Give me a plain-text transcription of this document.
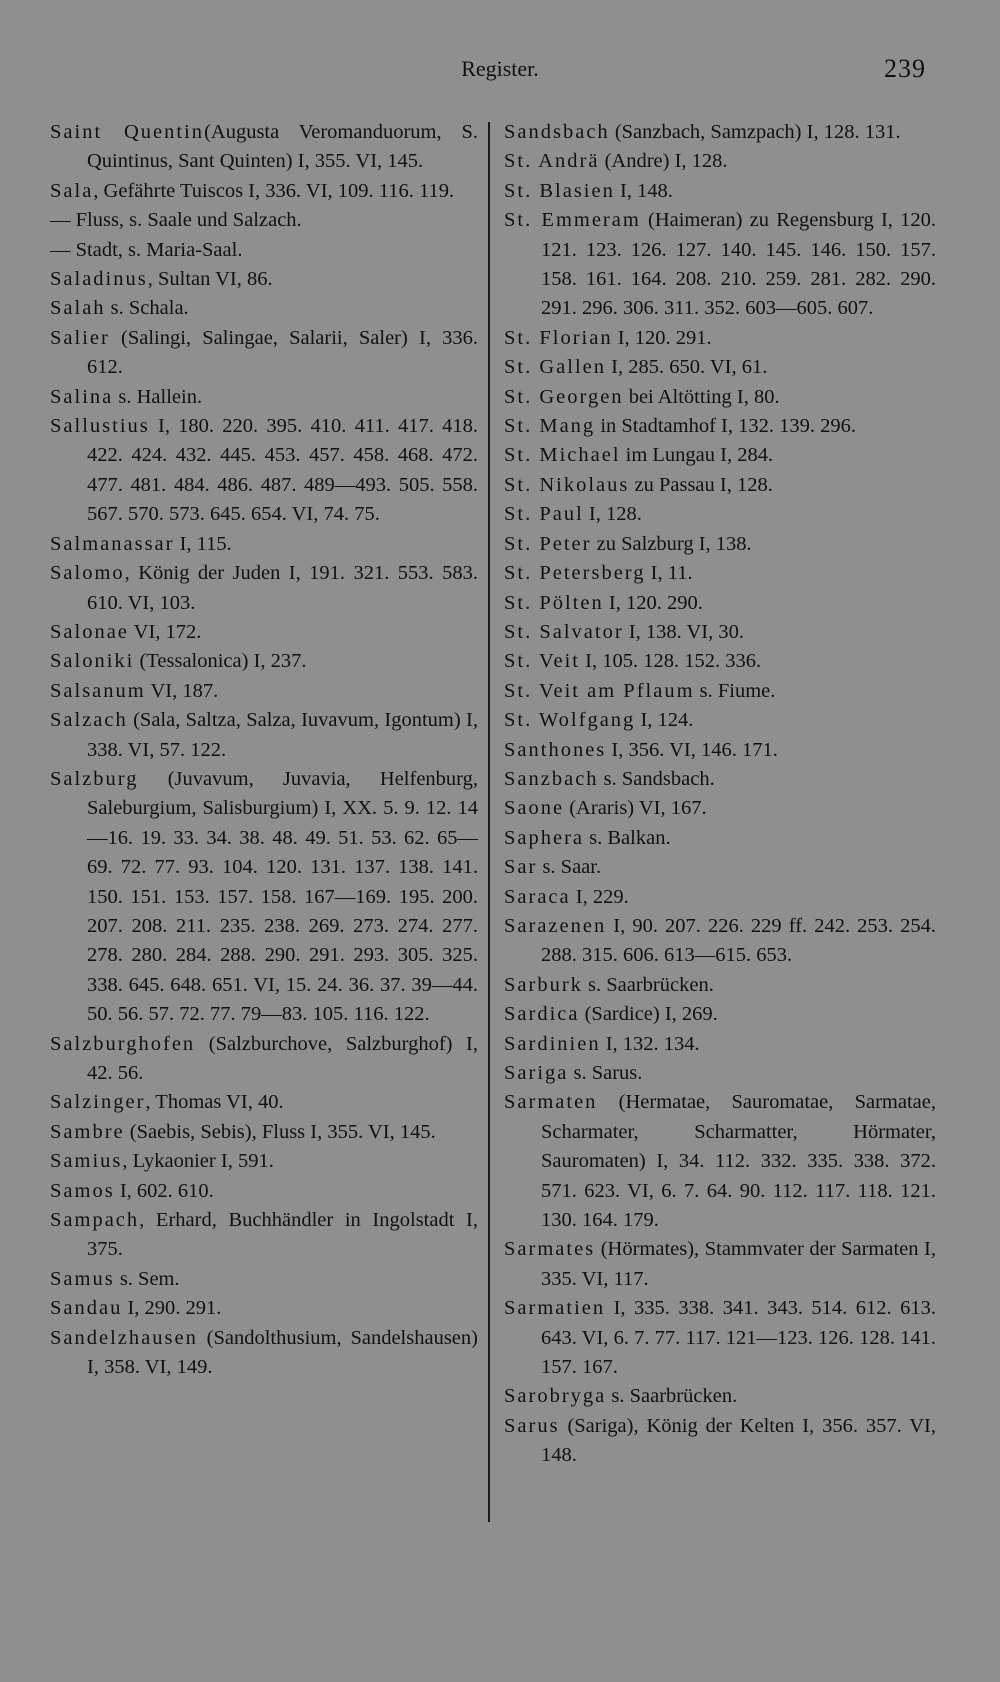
Register.	239
Saint Quentin(Augusta Veromanduorum, S. Quintinus, Sant Quinten) I, 355. VI, 145.
Sala, Gefährte Tuiscos I, 336. VI, 109. 116. 119.
— Fluss, s. Saale und Salzach.
— Stadt, s. Maria-Saal.
Saladinus, Sultan VI, 86.
Salah s. Schala.
Salier (Salingi, Salingae, Salarii, Saler) I, 336. 612.
Salina s. Hallein.
Sallustius I, 180. 220. 395. 410. 411. 417. 418. 422. 424. 432. 445. 453. 457. 458. 468. 472. 477. 481. 484. 486. 487. 489—493. 505. 558. 567. 570. 573. 645. 654. VI, 74. 75.
Salmanassar I, 115.
Salomo, König der Juden I, 191. 321. 553. 583. 610. VI, 103.
Salonae VI, 172.
Saloniki (Tessalonica) I, 237.
Salsanum VI, 187.
Salzach (Sala, Saltza, Salza, Iuvavum, Igontum) I, 338. VI, 57. 122.
Salzburg (Juvavum, Juvavia, Helfenburg, Saleburgium, Salisburgium) I, XX. 5. 9. 12. 14—16. 19. 33. 34. 38. 48. 49. 51. 53. 62. 65—69. 72. 77. 93. 104. 120. 131. 137. 138. 141. 150. 151. 153. 157. 158. 167—169. 195. 200. 207. 208. 211. 235. 238. 269. 273. 274. 277. 278. 280. 284. 288. 290. 291. 293. 305. 325. 338. 645. 648. 651. VI, 15. 24. 36. 37. 39—44. 50. 56. 57. 72. 77. 79—83. 105. 116. 122.
Salzburghofen (Salzburchove, Salzburghof) I, 42. 56.
Salzinger, Thomas VI, 40.
Sambre (Saebis, Sebis), Fluss I, 355. VI, 145.
Samius, Lykaonier I, 591.
Samos I, 602. 610.
Sampach, Erhard, Buchhändler in Ingolstadt I, 375.
Samus s. Sem.
Sandau I, 290. 291.
Sandelzhausen (Sandolthusium, Sandelshausen) I, 358. VI, 149.
Sandsbach (Sanzbach, Samzpach) I, 128. 131.
St. Andrä (Andre) I, 128.
St. Blasien I, 148.
St. Emmeram (Haimeran) zu Regensburg I, 120. 121. 123. 126. 127. 140. 145. 146. 150. 157. 158. 161. 164. 208. 210. 259. 281. 282. 290. 291. 296. 306. 311. 352. 603—605. 607.
St. Florian I, 120. 291.
St. Gallen I, 285. 650. VI, 61.
St. Georgen bei Altötting I, 80.
St. Mang in Stadtamhof I, 132. 139. 296.
St. Michael im Lungau I, 284.
St. Nikolaus zu Passau I, 128.
St. Paul I, 128.
St. Peter zu Salzburg I, 138.
St. Petersberg I, 11.
St. Pölten I, 120. 290.
St. Salvator I, 138. VI, 30.
St. Veit I, 105. 128. 152. 336.
St. Veit am Pflaum s. Fiume.
St. Wolfgang I, 124.
Santhones I, 356. VI, 146. 171.
Sanzbach s. Sandsbach.
Saone (Araris) VI, 167.
Saphera s. Balkan.
Sar s. Saar.
Saraca I, 229.
Sarazenen I, 90. 207. 226. 229 ff. 242. 253. 254. 288. 315. 606. 613—615. 653.
Sarburk s. Saarbrücken.
Sardica (Sardice) I, 269.
Sardinien I, 132. 134.
Sariga s. Sarus.
Sarmaten (Hermatae, Sauromatae, Sarmatae, Scharmater, Scharmatter, Hörmater, Sauromaten) I, 34. 112. 332. 335. 338. 372. 571. 623. VI, 6. 7. 64. 90. 112. 117. 118. 121. 130. 164. 179.
Sarmates (Hörmates), Stammvater der Sarmaten I, 335. VI, 117.
Sarmatien I, 335. 338. 341. 343. 514. 612. 613. 643. VI, 6. 7. 77. 117. 121—123. 126. 128. 141. 157. 167.
Sarobryga s. Saarbrücken.
Sarus (Sariga), König der Kelten I, 356. 357. VI, 148.
